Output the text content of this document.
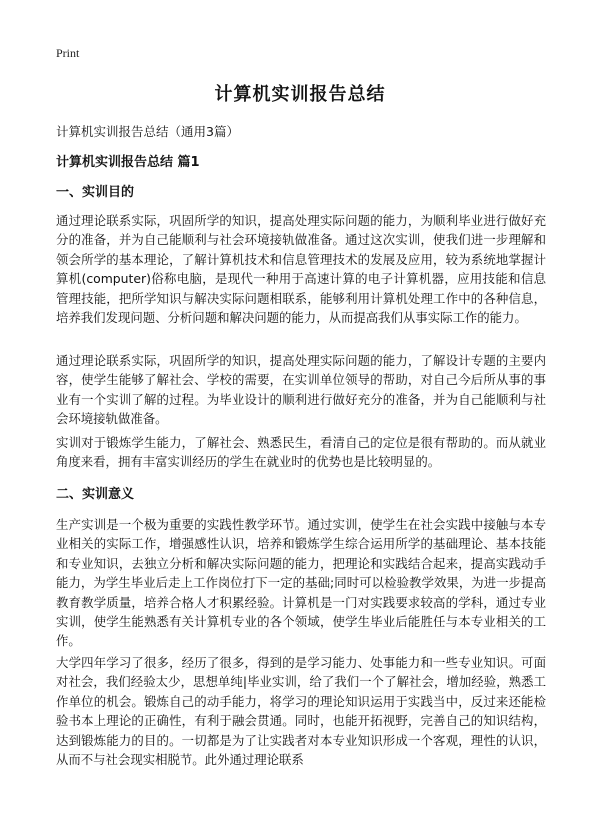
Print
计算机实训报告总结
计算机实训报告总结（通用3篇）
计算机实训报告总结 篇1
一、实训目的

通过理论联系实际，巩固所学的知识，提高处理实际问题的能力，为顺利毕业进行做好充分的准备，并为自己能顺利与社会环境接轨做准备。通过这次实训，使我们进一步理解和领会所学的基本理论，了解计算机技术和信息管理技术的发展及应用，较为系统地掌握计算机(computer)俗称电脑，是现代一种用于高速计算的电子计算机器，应用技能和信息管理技能，把所学知识与解决实际问题相联系，能够利用计算机处理工作中的各种信息，培养我们发现问题、分析问题和解决问题的能力，从而提高我们从事实际工作的能力。

通过理论联系实际，巩固所学的知识，提高处理实际问题的能力，了解设计专题的主要内容，使学生能够了解社会、学校的需要，在实训单位领导的帮助，对自己今后所从事的事业有一个实训了解的过程。为毕业设计的顺利进行做好充分的准备，并为自己能顺利与社会环境接轨做准备。

实训对于锻炼学生能力，了解社会、熟悉民生，看清自己的定位是很有帮助的。而从就业角度来看，拥有丰富实训经历的学生在就业时的优势也是比较明显的。

二、实训意义

生产实训是一个极为重要的实践性教学环节。通过实训，使学生在社会实践中接触与本专业相关的实际工作，增强感性认识，培养和锻炼学生综合运用所学的基础理论、基本技能和专业知识，去独立分析和解决实际问题的能力，把理论和实践结合起来，提高实践动手能力，为学生毕业后走上工作岗位打下一定的基础;同时可以检验教学效果，为进一步提高教育教学质量，培养合格人才积累经验。计算机是一门对实践要求较高的学科，通过专业实训，使学生能熟悉有关计算机专业的各个领域，使学生毕业后能胜任与本专业相关的工作。

大学四年学习了很多，经历了很多，得到的是学习能力、处事能力和一些专业知识。可面对社会，我们经验太少，思想单纯|毕业实训，给了我们一个了解社会，增加经验，熟悉工作单位的机会。锻炼自己的动手能力，将学习的理论知识运用于实践当中，反过来还能检验书本上理论的正确性，有利于融会贯通。同时，也能开拓视野，完善自己的知识结构，达到锻炼能力的目的。一切都是为了让实践者对本专业知识形成一个客观，理性的认识，从而不与社会现实相脱节。此外通过理论联系
